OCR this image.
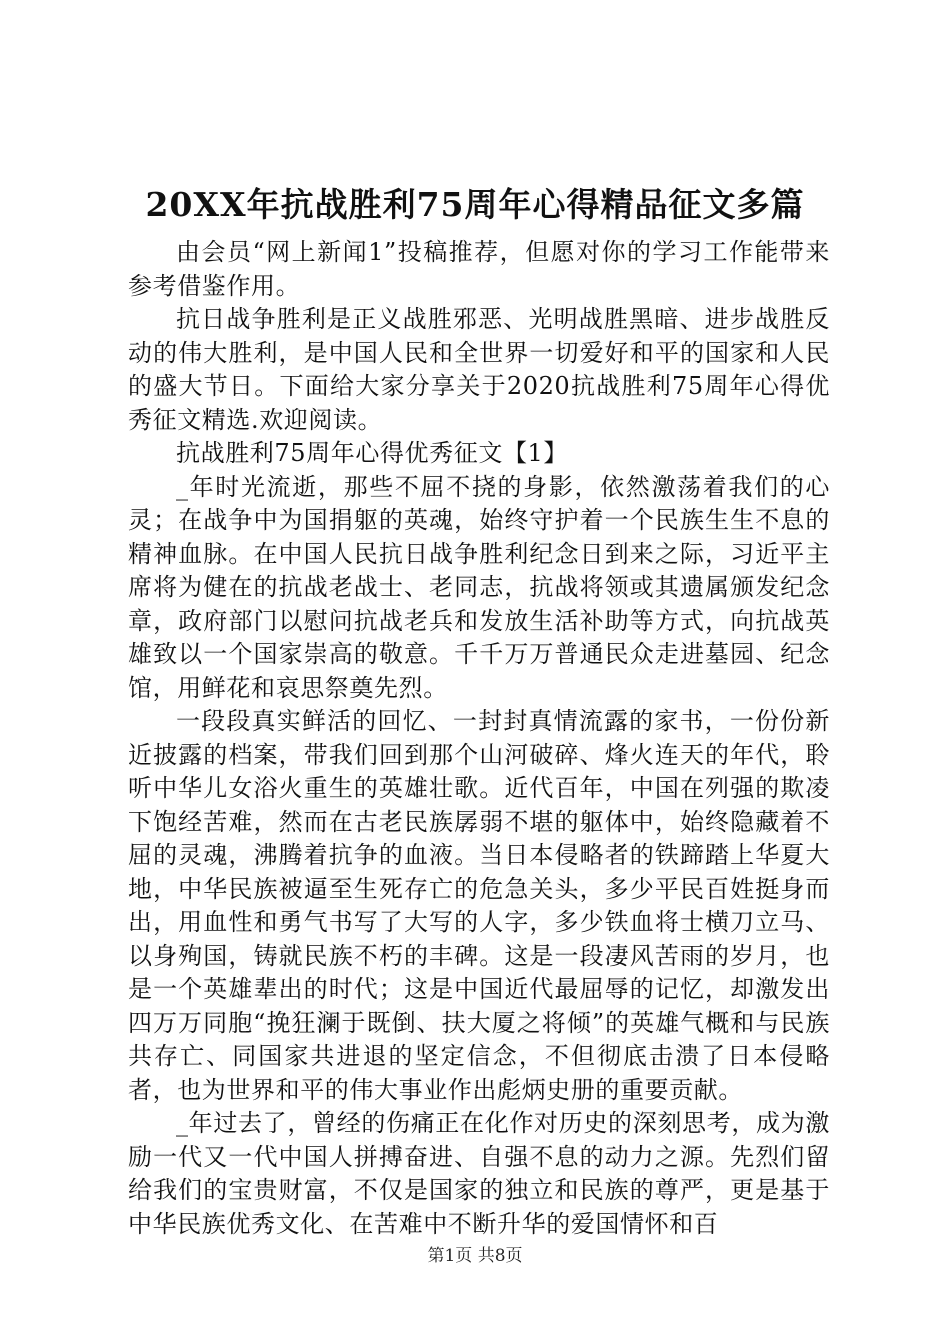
20XX年抗战胜利75周年心得精品征文多篇

由会员“网上新闻1”投稿推荐，但愿对你的学习工作能带来参考借鉴作用。

抗日战争胜利是正义战胜邪恶、光明战胜黑暗、进步战胜反动的伟大胜利，是中国人民和全世界一切爱好和平的国家和人民的盛大节日。下面给大家分享关于2020抗战胜利75周年心得优秀征文精选.欢迎阅读。

抗战胜利75周年心得优秀征文【1】

_年时光流逝，那些不屈不挠的身影，依然激荡着我们的心灵；在战争中为国捐躯的英魂，始终守护着一个民族生生不息的精神血脉。在中国人民抗日战争胜利纪念日到来之际，习近平主席将为健在的抗战老战士、老同志，抗战将领或其遗属颁发纪念章，政府部门以慰问抗战老兵和发放生活补助等方式，向抗战英雄致以一个国家崇高的敬意。千千万万普通民众走进墓园、纪念馆，用鲜花和哀思祭奠先烈。

一段段真实鲜活的回忆、一封封真情流露的家书，一份份新近披露的档案，带我们回到那个山河破碎、烽火连天的年代，聆听中华儿女浴火重生的英雄壮歌。近代百年，中国在列强的欺凌下饱经苦难，然而在古老民族孱弱不堪的躯体中，始终隐藏着不屈的灵魂，沸腾着抗争的血液。当日本侵略者的铁蹄踏上华夏大地，中华民族被逼至生死存亡的危急关头，多少平民百姓挺身而出，用血性和勇气书写了大写的人字，多少铁血将士横刀立马、以身殉国，铸就民族不朽的丰碑。这是一段凄风苦雨的岁月，也是一个英雄辈出的时代；这是中国近代最屈辱的记忆，却激发出四万万同胞“挽狂澜于既倒、扶大厦之将倾”的英雄气概和与民族共存亡、同国家共进退的坚定信念，不但彻底击溃了日本侵略者，也为世界和平的伟大事业作出彪炳史册的重要贡献。

_年过去了，曾经的伤痛正在化作对历史的深刻思考，成为激励一代又一代中国人拼搏奋进、自强不息的动力之源。先烈们留给我们的宝贵财富，不仅是国家的独立和民族的尊严，更是基于中华民族优秀文化、在苦难中不断升华的爱国情怀和百

第1页 共8页
